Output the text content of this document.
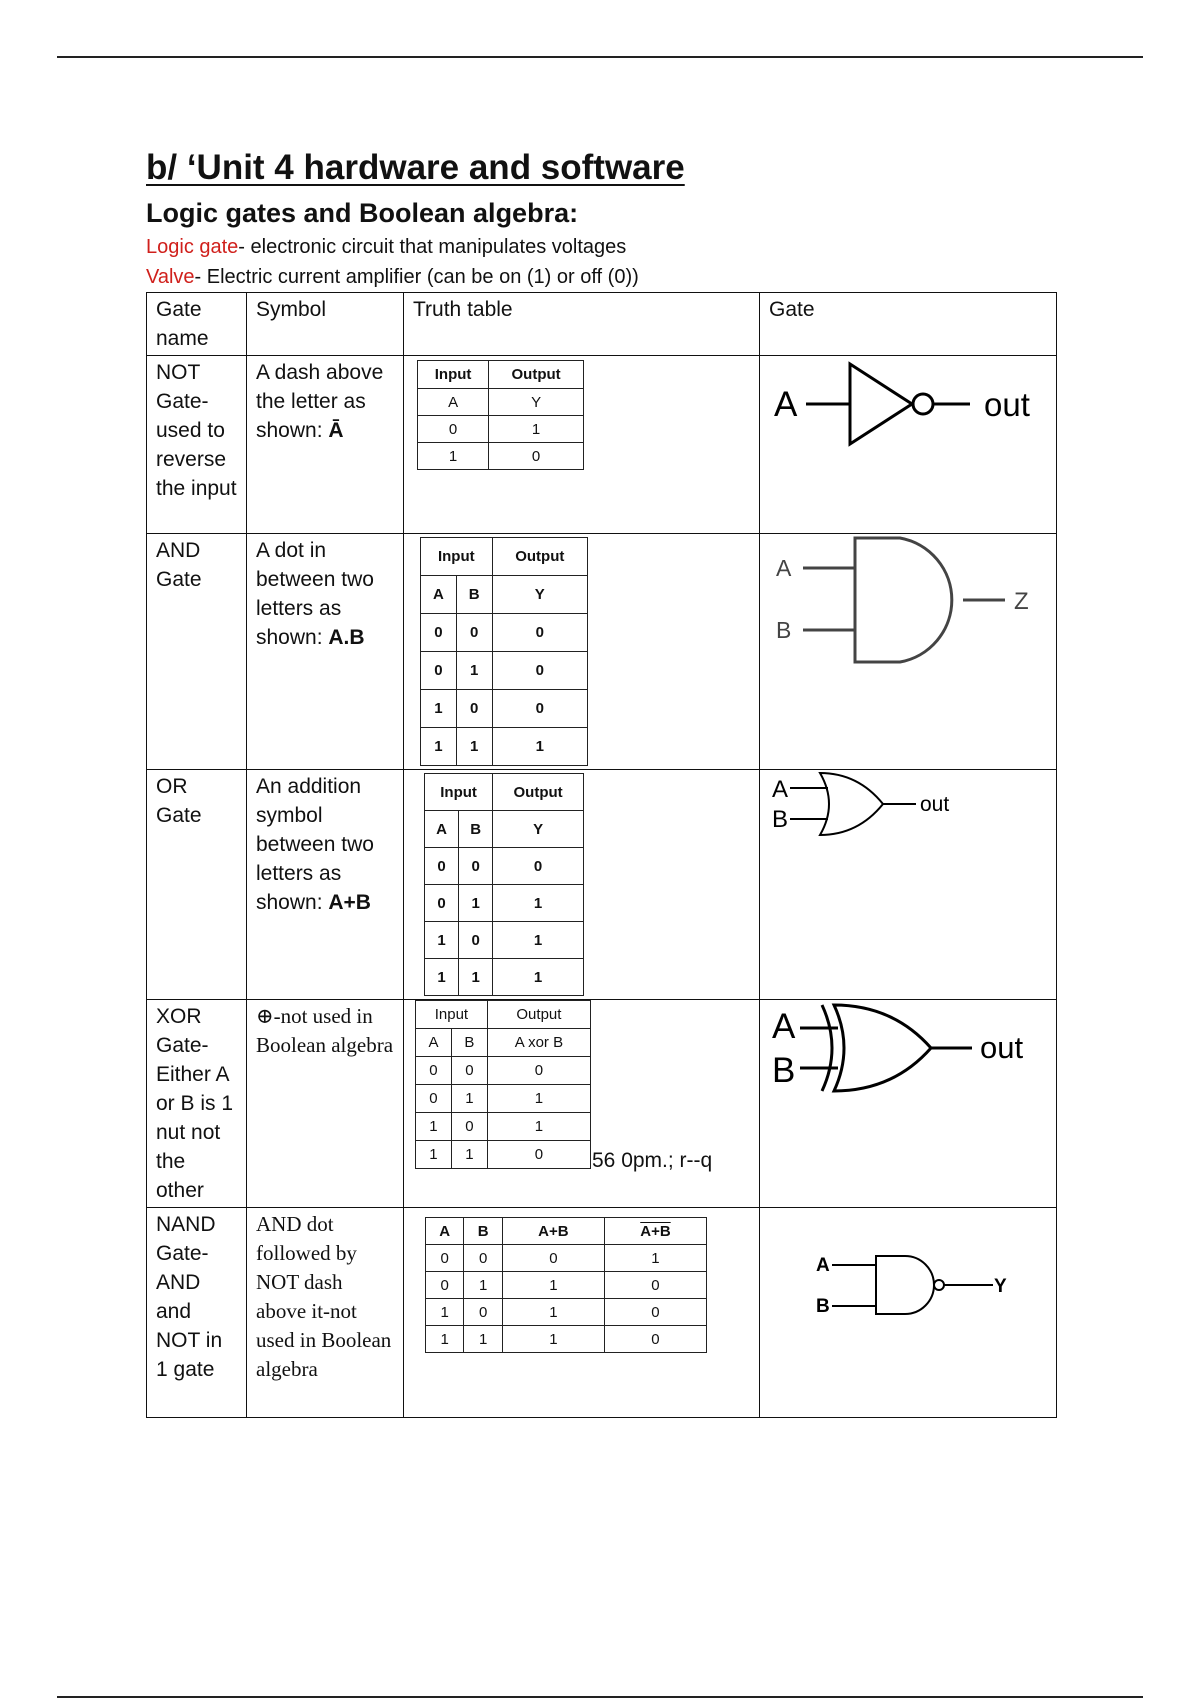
b/ ‘Unit 4 hardware and software
Logic gates and Boolean algebra:

Logic gate- electronic circuit that manipulates voltages

Valve- Electric current amplifier (can be on (1) or off (0))

Gate name	Symbol	Truth table	Gate
NOT Gate- used to reverse the input	A dash above the letter as shown: Ā	
Input	Output
A	Y
0	1
1	0

A	out

AND Gate	A dot in between two letters as shown: A.B	
Input	Output
A	B	Y
0	0	0
0	1	0
1	0	0
1	1	1

A
B
Z

OR Gate	An addition symbol between two letters as shown: A+B	
Input	Output
A	B	Y
0	0	0
0	1	1
1	0	1
1	1	1

A
B
out

XOR Gate- Either A or B is 1 nut not the other	⊕-not used in Boolean algebra	
Input	Output
A	B	A xor B
0	0	0
0	1	1
1	0	1
1	1	0 56 0pm.; r--q

A
B
out

NAND Gate- AND and NOT in 1 gate	AND dot followed by NOT dash above it-not used in Boolean algebra	
A	B	A+B	A+B
0	0	0	1
0	1	1	0
1	0	1	0
1	1	1	0

A
B
Y
